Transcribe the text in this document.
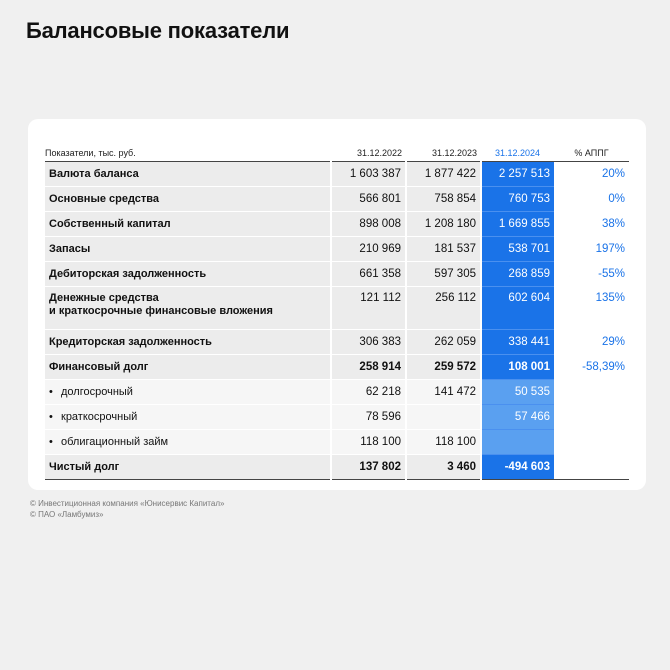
Балансовые показатели
Показатели, тыс. руб.	31.12.2022	31.12.2023	31.12.2024	% АППГ
Валюта баланса	1 603 387	1 877 422	2 257 513	20%
Основные средства	566 801	758 854	760 753	0%
Собственный капитал	898 008	1 208 180	1 669 855	38%
Запасы	210 969	181 537	538 701	197%
Дебиторская задолженность	661 358	597 305	268 859	-55%
Денежные средства
и краткосрочные финансовые вложения	121 112	256 112	602 604	135%
Кредиторская задолженность	306 383	262 059	338 441	29%
Финансовый долг	258 914	259 572	108 001	-58,39%
• долгосрочный	62 218	141 472	50 535	
• краткосрочный	78 596		57 466	
• облигационный займ	118 100	118 100		
Чистый долг	137 802	3 460	-494 603	
© Инвестиционная компания «Юнисервис Капитал»
© ПАО «Ламбумиз»
